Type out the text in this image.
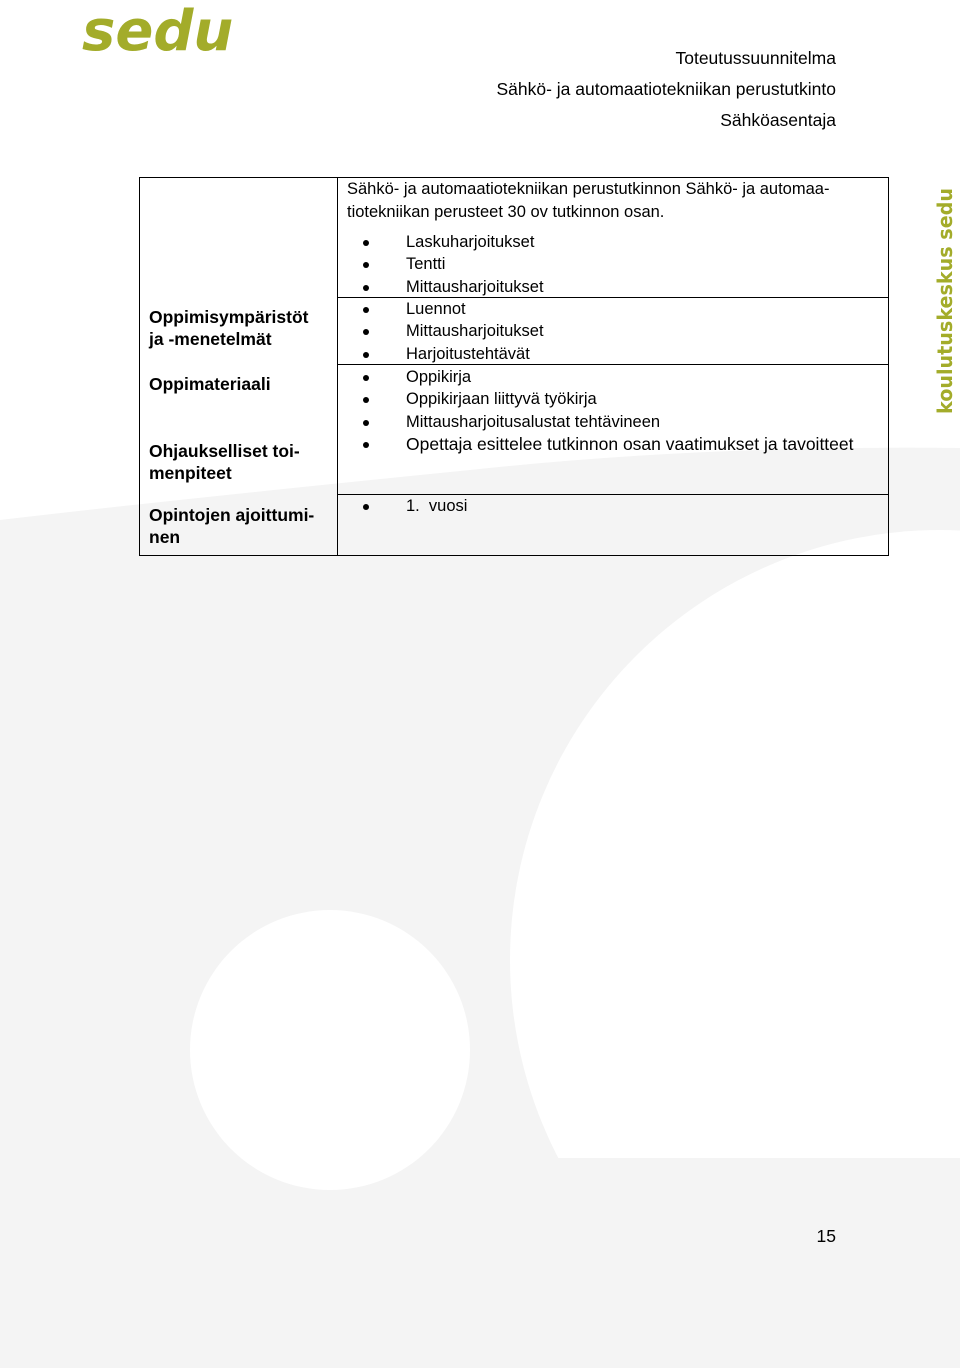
sedu
koulutuskeskus sedu
Toteutussuunnitelma
Sähkö- ja automaatiotekniikan perustutkinto
Sähköasentaja
Sähkö- ja automaatiotekniikan perustutkinnon Sähkö- ja automaa-
tiotekniikan perusteet 30 ov tutkinnon osan.
Oppimisympäristöt
ja -menetelmät
Oppimateriaali
Ohjaukselliset toi-
menpiteet
Opintojen ajoittumi-
nen
Laskuharjoitukset
Tentti
Mittausharjoitukset
Luennot
Mittausharjoitukset
Harjoitustehtävät
Oppikirja
Oppikirjaan liittyvä työkirja
Mittausharjoitusalustat tehtävineen
Opettaja esittelee tutkinnon osan vaatimukset ja tavoitteet
1.  vuosi
15
